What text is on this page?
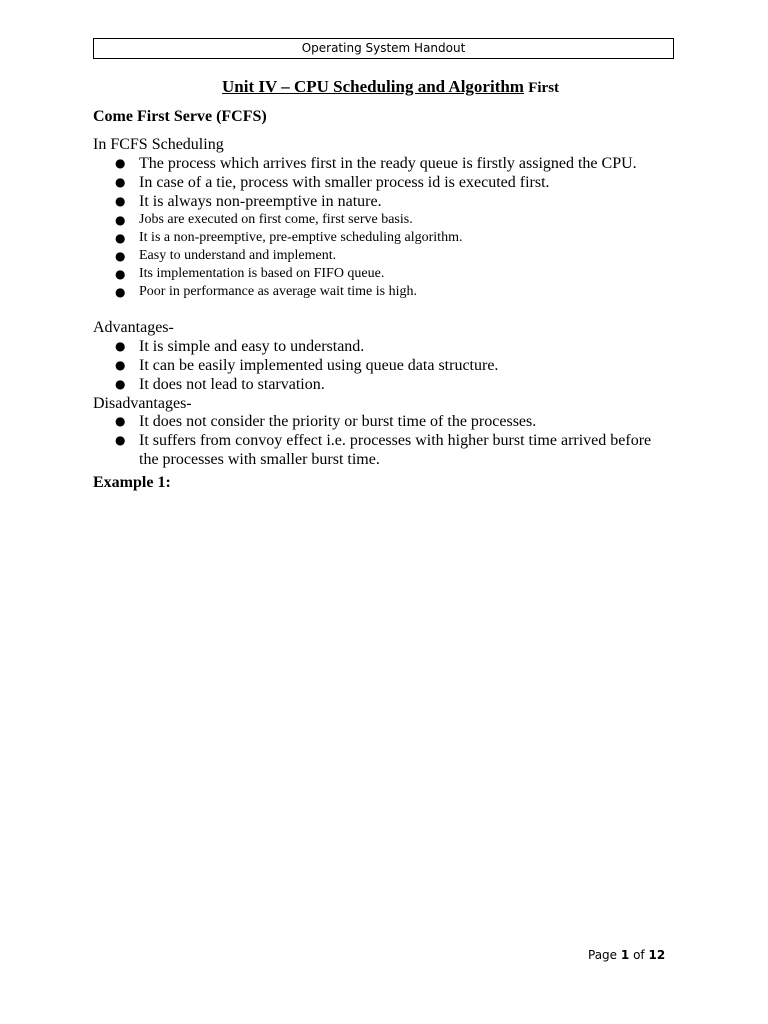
Operating System Handout
Unit IV – CPU Scheduling and Algorithm First
Come First Serve (FCFS)
In FCFS Scheduling
● The process which arrives first in the ready queue is firstly assigned the CPU.
● In case of a tie, process with smaller process id is executed first.
● It is always non-preemptive in nature.
● Jobs are executed on first come, first serve basis.
● It is a non-preemptive, pre-emptive scheduling algorithm.
● Easy to understand and implement.
● Its implementation is based on FIFO queue.
● Poor in performance as average wait time is high.
Advantages-
● It is simple and easy to understand.
● It can be easily implemented using queue data structure.
● It does not lead to starvation.
Disadvantages-
● It does not consider the priority or burst time of the processes.
● It suffers from convoy effect i.e. processes with higher burst time arrived before the processes with smaller burst time.
Example 1:
Page 1 of 12
